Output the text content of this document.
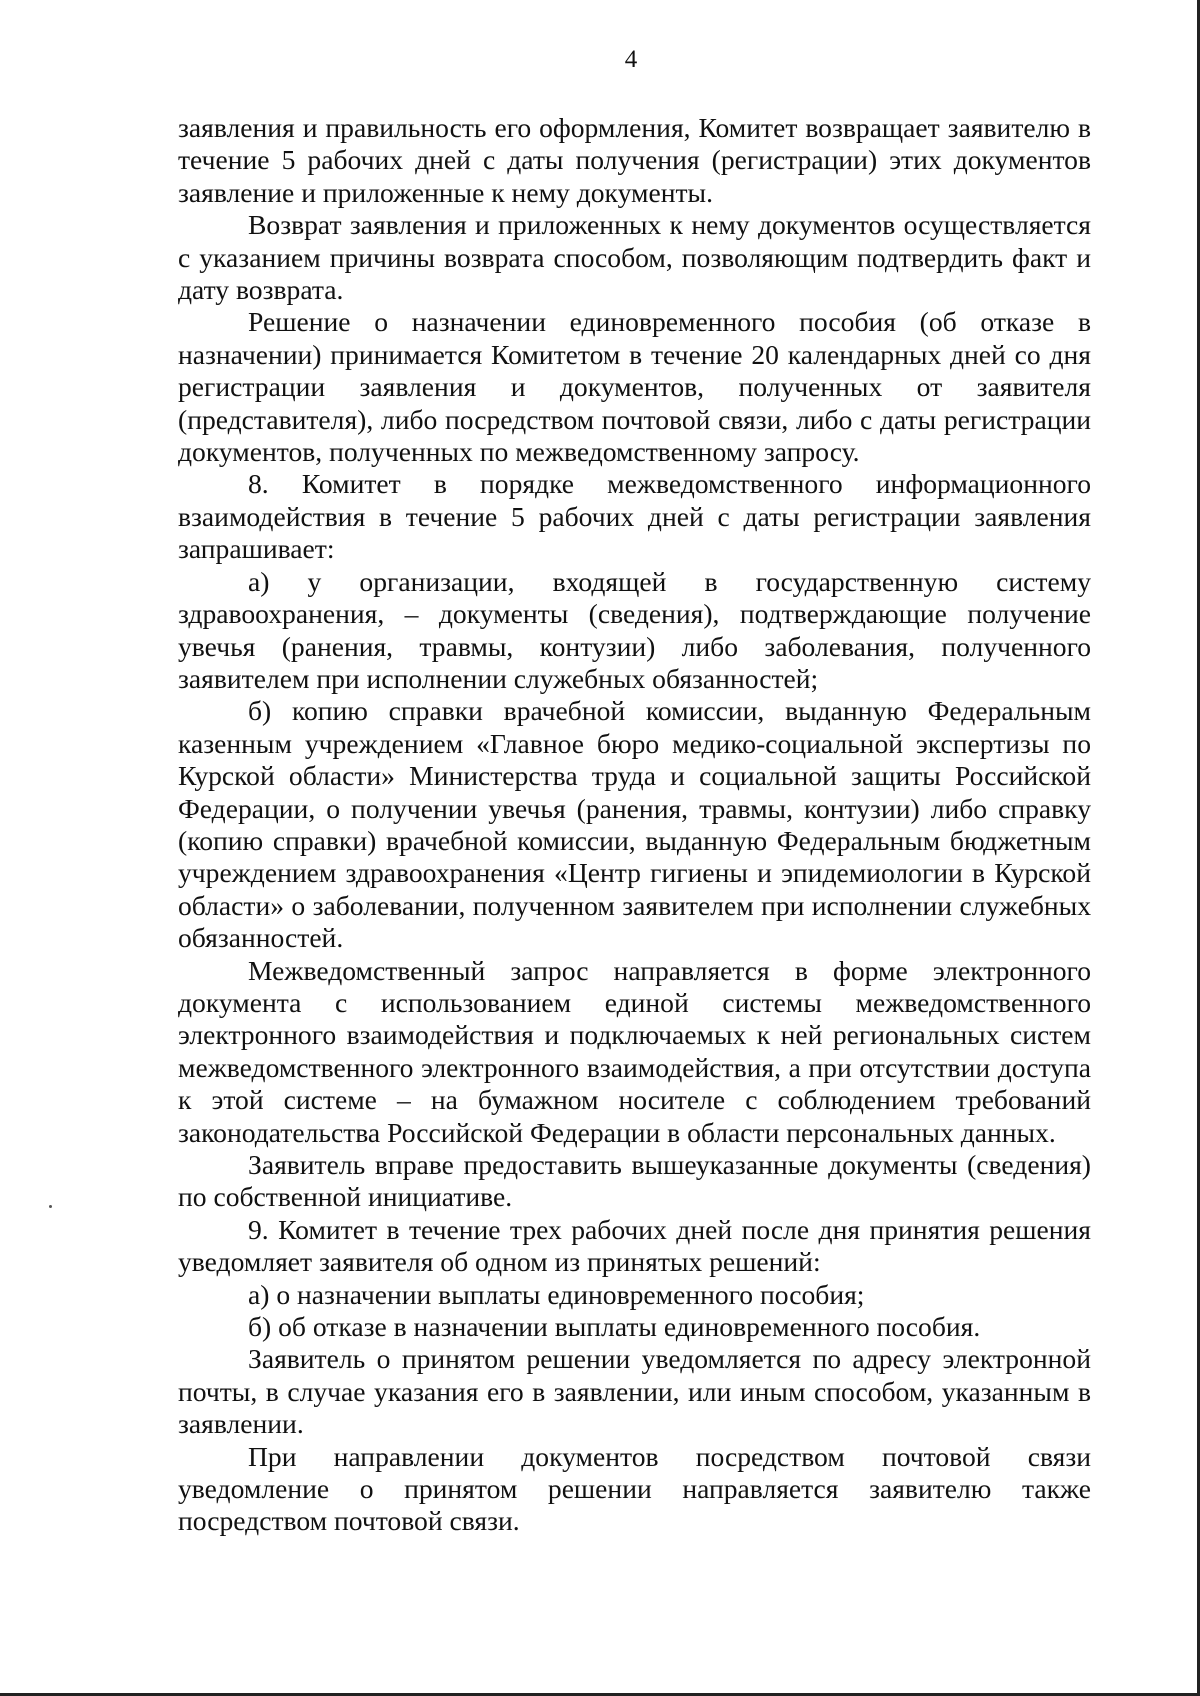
4

заявления и правильность его оформления, Комитет возвращает заявителю в течение 5 рабочих дней с даты получения (регистрации) этих документов заявление и приложенные к нему документы.

Возврат заявления и приложенных к нему документов осуществляется с указанием причины возврата способом, позволяющим подтвердить факт и дату возврата.

Решение о назначении единовременного пособия (об отказе в назначении) принимается Комитетом в течение 20 календарных дней со дня регистрации заявления и документов, полученных от заявителя (представителя), либо посредством почтовой связи, либо с даты регистрации документов, полученных по межведомственному запросу.

8. Комитет в порядке межведомственного информационного взаимодействия в течение 5 рабочих дней с даты регистрации заявления запрашивает:

а) у организации, входящей в государственную систему здравоохранения, – документы (сведения), подтверждающие получение увечья (ранения, травмы, контузии) либо заболевания, полученного заявителем при исполнении служебных обязанностей;

б) копию справки врачебной комиссии, выданную Федеральным казенным учреждением «Главное бюро медико-социальной экспертизы по Курской области» Министерства труда и социальной защиты Российской Федерации, о получении увечья (ранения, травмы, контузии) либо справку (копию справки) врачебной комиссии, выданную Федеральным бюджетным учреждением здравоохранения «Центр гигиены и эпидемиологии в Курской области» о заболевании, полученном заявителем при исполнении служебных обязанностей.

Межведомственный запрос направляется в форме электронного документа с использованием единой системы межведомственного электронного взаимодействия и подключаемых к ней региональных систем межведомственного электронного взаимодействия, а при отсутствии доступа к этой системе – на бумажном носителе с соблюдением требований законодательства Российской Федерации в области персональных данных.

Заявитель вправе предоставить вышеуказанные документы (сведения) по собственной инициативе.

9. Комитет в течение трех рабочих дней после дня принятия решения уведомляет заявителя об одном из принятых решений:

а) о назначении выплаты единовременного пособия;

б) об отказе в назначении выплаты единовременного пособия.

Заявитель о принятом решении уведомляется по адресу электронной почты, в случае указания его в заявлении, или иным способом, указанным в заявлении.

При направлении документов посредством почтовой связи уведомление о принятом решении направляется заявителю также посредством почтовой связи.
